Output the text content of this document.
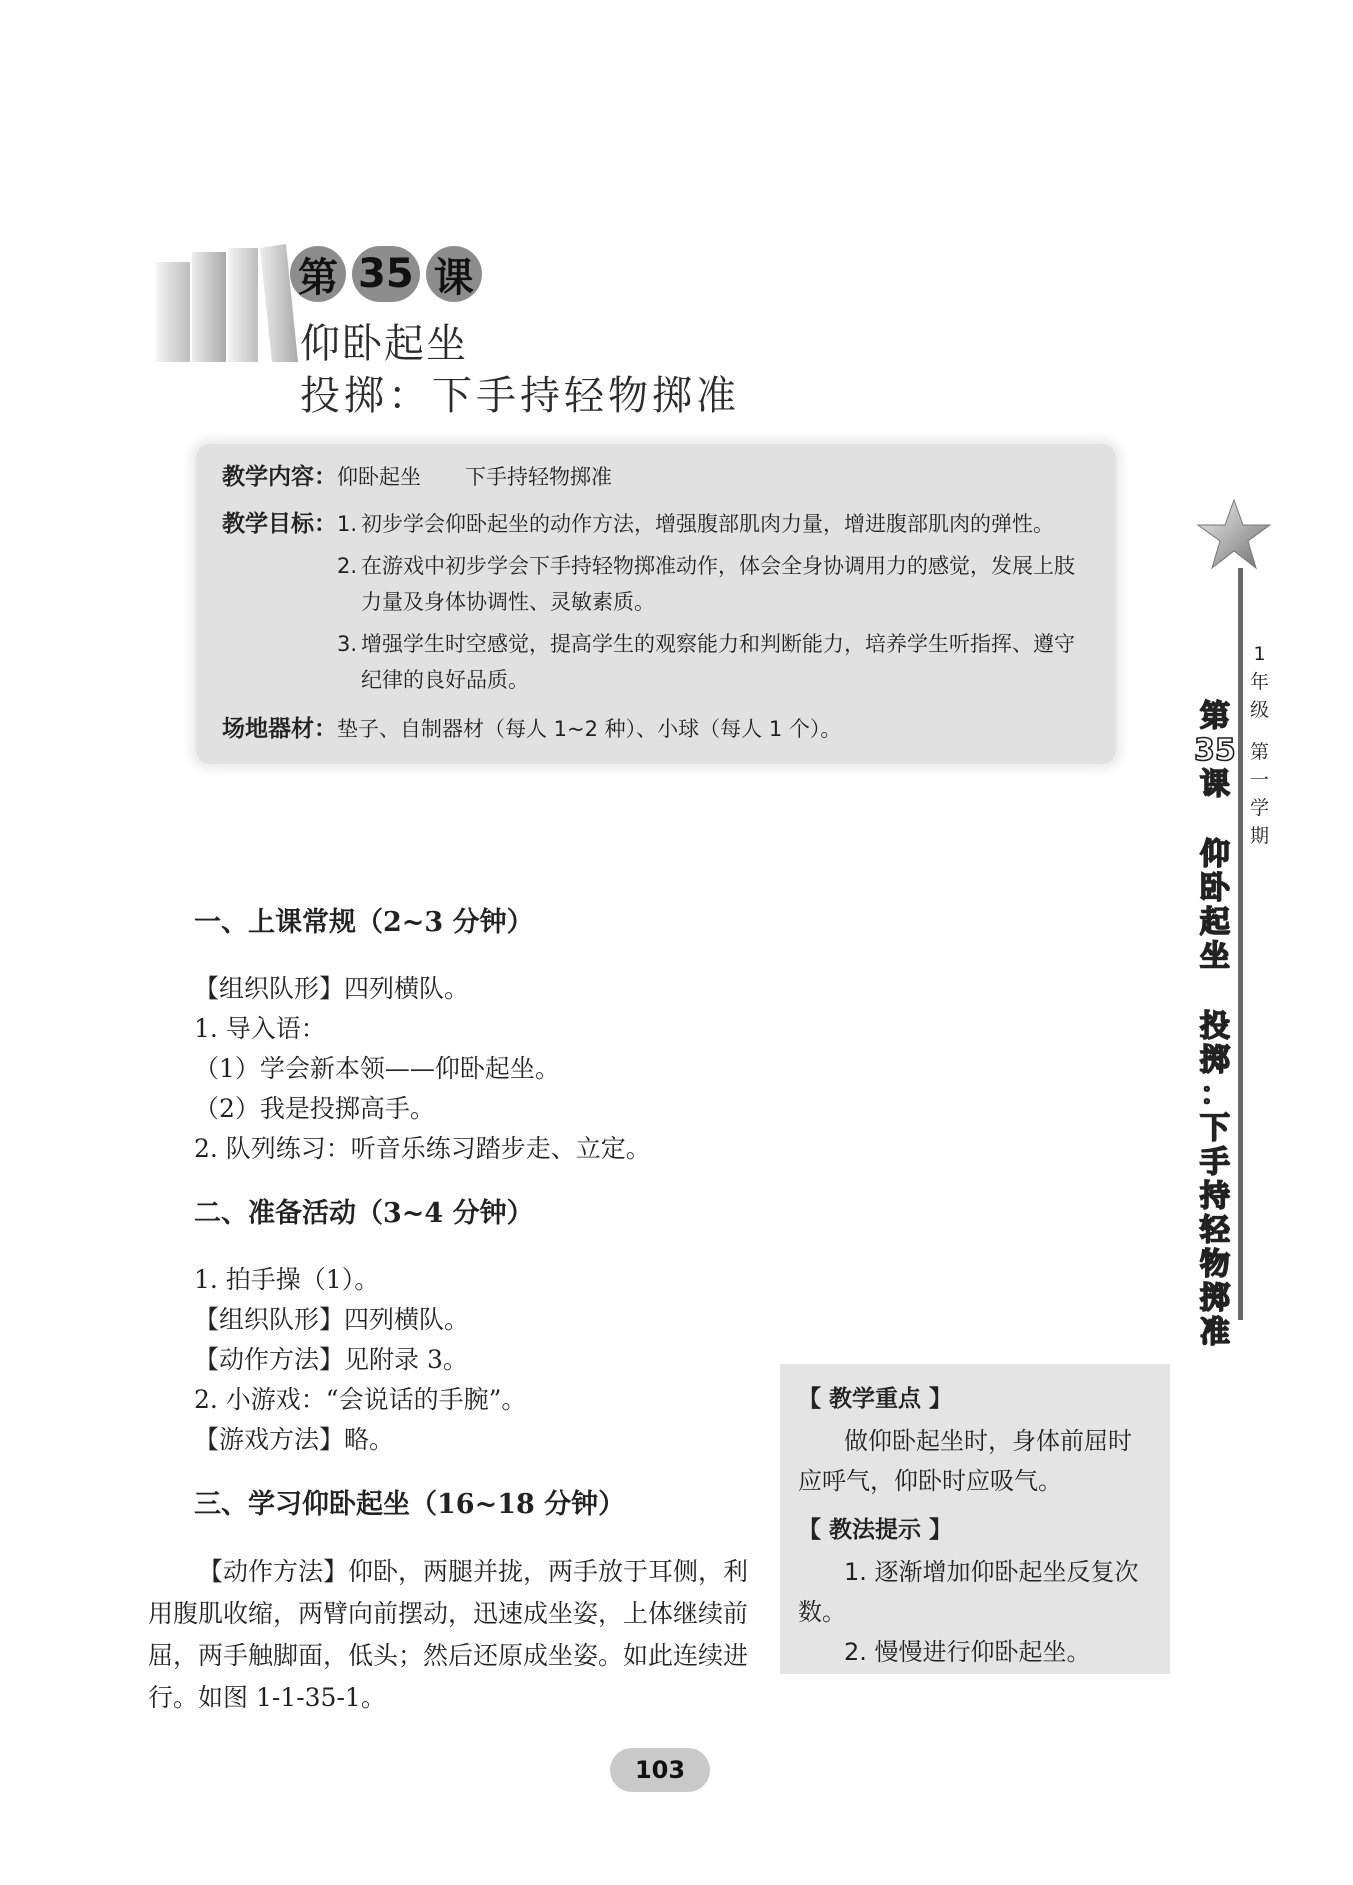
第 35 课
仰卧起坐
投掷：下手持轻物掷准
教学内容： 仰卧起坐 下手持轻物掷准
教学目标： 1. 初步学会仰卧起坐的动作方法，增强腹部肌肉力量，增进腹部肌肉的弹性。
2. 在游戏中初步学会下手持轻物掷准动作，体会全身协调用力的感觉，发展上肢力量及身体协调性、灵敏素质。
3. 增强学生时空感觉，提高学生的观察能力和判断能力，培养学生听指挥、遵守纪律的良好品质。
场地器材： 垫子、自制器材（每人 1~2 种）、小球（每人 1 个）。
1
年
级
第
一
学
期
第
35
课
仰
卧
起
坐
投
掷
：
下
手
持
轻
物
掷
准
一、上课常规（2~3 分钟）
【组织队形】四列横队。
1. 导入语：
（1）学会新本领——仰卧起坐。
（2）我是投掷高手。
2. 队列练习：听音乐练习踏步走、立定。
二、准备活动（3~4 分钟）
1. 拍手操（1）。
【组织队形】四列横队。
【动作方法】见附录 3。
2. 小游戏：“会说话的手腕”。
【游戏方法】略。
三、学习仰卧起坐（16~18 分钟）
【动作方法】仰卧，两腿并拢，两手放于耳侧，利用腹肌收缩，两臂向前摆动，迅速成坐姿，上体继续前屈，两手触脚面，低头；然后还原成坐姿。如此连续进行。如图 1-1-35-1。
【 教学重点 】

做仰卧起坐时，身体前屈时应呼气，仰卧时应吸气。

【 教法提示 】

1. 逐渐增加仰卧起坐反复次数。

2. 慢慢进行仰卧起坐。

103
